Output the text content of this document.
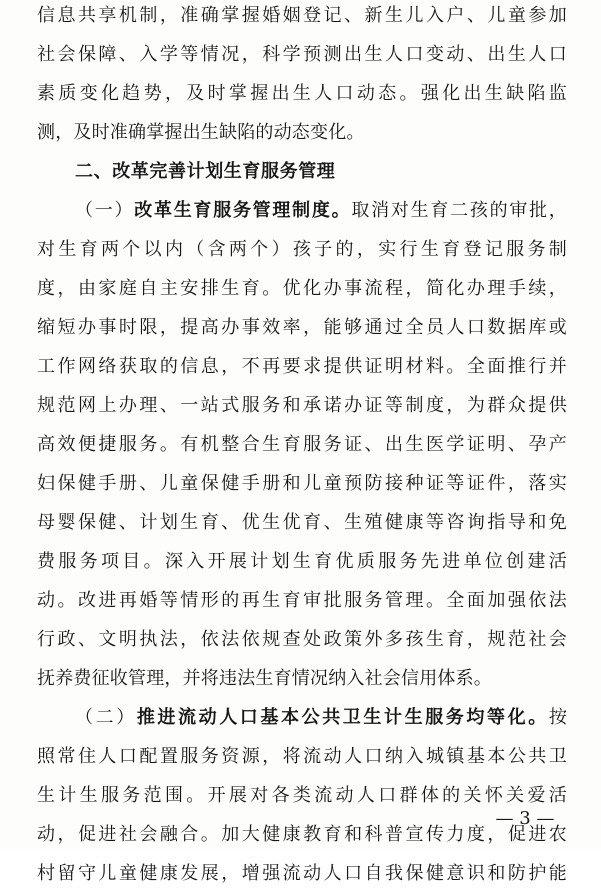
信息共享机制，准确掌握婚姻登记、新生儿入户、儿童参加
社会保障、入学等情况，科学预测出生人口变动、出生人口
素质变化趋势，及时掌握出生人口动态。强化出生缺陷监
测，及时准确掌握出生缺陷的动态变化。
二、改革完善计划生育服务管理
（一）改革生育服务管理制度。取消对生育二孩的审批，
对生育两个以内（含两个）孩子的，实行生育登记服务制
度，由家庭自主安排生育。优化办事流程，简化办理手续，
缩短办事时限，提高办事效率，能够通过全员人口数据库或
工作网络获取的信息，不再要求提供证明材料。全面推行并
规范网上办理、一站式服务和承诺办证等制度，为群众提供
高效便捷服务。有机整合生育服务证、出生医学证明、孕产
妇保健手册、儿童保健手册和儿童预防接种证等证件，落实
母婴保健、计划生育、优生优育、生殖健康等咨询指导和免
费服务项目。深入开展计划生育优质服务先进单位创建活
动。改进再婚等情形的再生育审批服务管理。全面加强依法
行政、文明执法，依法依规查处政策外多孩生育，规范社会
抚养费征收管理，并将违法生育情况纳入社会信用体系。
（二）推进流动人口基本公共卫生计生服务均等化。按
照常住人口配置服务资源，将流动人口纳入城镇基本公共卫
生计生服务范围。开展对各类流动人口群体的关怀关爱活
动，促进社会融合。加大健康教育和科普宣传力度，促进农
村留守儿童健康发展，增强流动人口自我保健意识和防护能
— 3 —
